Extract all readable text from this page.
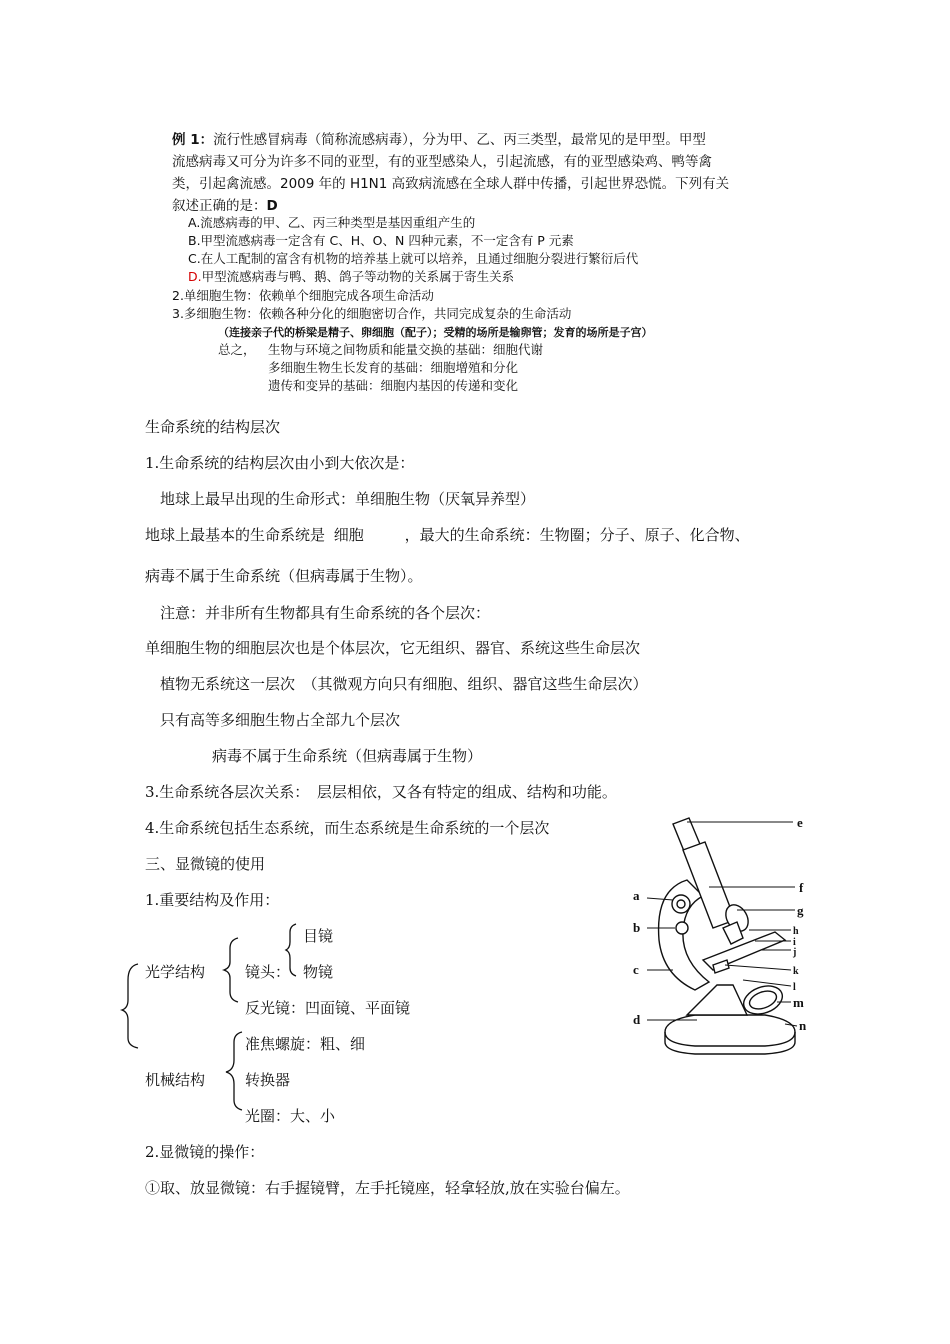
例 1：流行性感冒病毒（简称流感病毒），分为甲、乙、丙三类型，最常见的是甲型。甲型
流感病毒又可分为许多不同的亚型，有的亚型感染人，引起流感，有的亚型感染鸡、鸭等禽
类，引起禽流感。2009 年的 H1N1 高致病流感在全球人群中传播，引起世界恐慌。下列有关
叙述正确的是：D
A.流感病毒的甲、乙、丙三种类型是基因重组产生的
B.甲型流感病毒一定含有 C、H、O、N 四种元素，不一定含有 P 元素
C.在人工配制的富含有机物的培养基上就可以培养，且通过细胞分裂进行繁衍后代
D.甲型流感病毒与鸭、鹅、鸽子等动物的关系属于寄生关系
2.单细胞生物：依赖单个细胞完成各项生命活动
3.多细胞生物：依赖各种分化的细胞密切合作，共同完成复杂的生命活动
（连接亲子代的桥梁是精子、卵细胞（配子）；受精的场所是输卵管；发育的场所是子宫）
总之， 生物与环境之间物质和能量交换的基础：细胞代谢
多细胞生物生长发育的基础：细胞增殖和分化
遗传和变异的基础：细胞内基因的传递和变化
生命系统的结构层次
1.生命系统的结构层次由小到大依次是：
地球上最早出现的生命形式：单细胞生物（厌氧异养型）
地球上最基本的生命系统是 细胞	，最大的生命系统：生物圈；分子、原子、化合物、
病毒不属于生命系统（但病毒属于生物）。
注意：并非所有生物都具有生命系统的各个层次：
单细胞生物的细胞层次也是个体层次，它无组织、器官、系统这些生命层次
植物无系统这一层次　（其微观方向只有细胞、组织、器官这些生命层次）
只有高等多细胞生物占全部九个层次
病毒不属于生命系统（但病毒属于生物）
3.生命系统各层次关系：　层层相依，又各有特定的组成、结构和功能。
4.生命系统包括生态系统，而生态系统是生命系统的一个层次
三、显微镜的使用
1.重要结构及作用：
目镜
光学结构	镜头： 物镜
反光镜：凹面镜、平面镜
准焦螺旋：粗、细
机械结构	转换器
光圈：大、小
2.显微镜的操作：
①取、放显微镜：右手握镜臂，左手托镜座，轻拿轻放,放在实验台偏左。
e
f
g
h
i
j
k
l
m
n
a
b
c
d
